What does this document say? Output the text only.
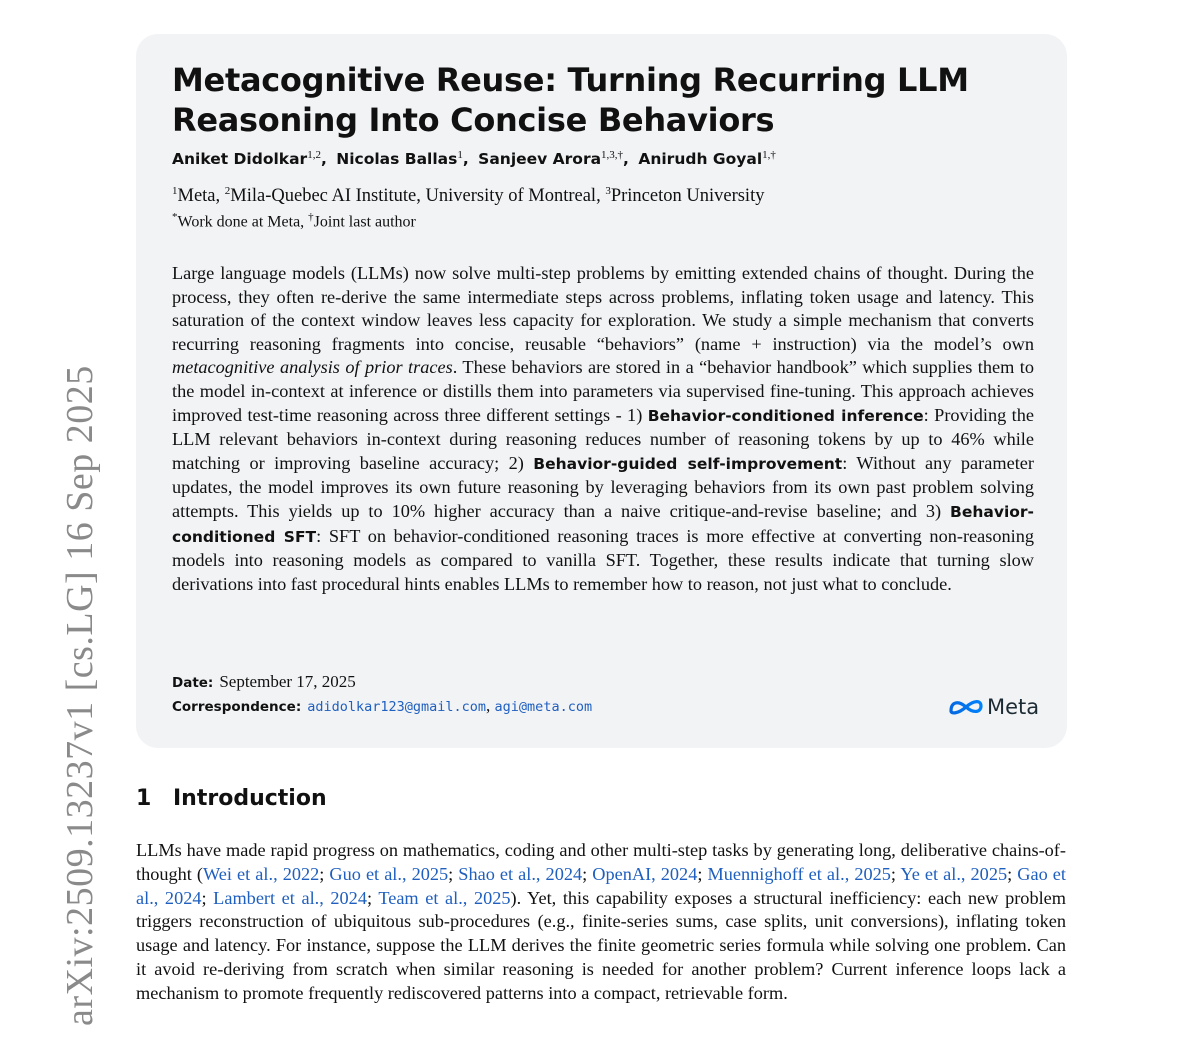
arXiv:2509.13237v1 [cs.LG] 16 Sep 2025
Metacognitive Reuse: Turning Recurring LLM Reasoning Into Concise Behaviors
Aniket Didolkar$^{1,2}$, Nicolas Ballas$^1$, Sanjeev Arora$^{1,3,\dagger}$, Anirudh Goyal$^{1,\dagger}$
$^1$Meta, $^2$Mila-Quebec AI Institute, University of Montreal, $^3$Princeton University
*Work done at Meta, †Joint last author
Large language models (LLMs) now solve multi-step problems by emitting extended chains of thought. During the process, they often re-derive the same intermediate steps across problems, inflating token usage and latency. This saturation of the context window leaves less capacity for exploration. We study a simple mechanism that converts recurring reasoning fragments into concise, reusable “behaviors” (name + instruction) via the model’s own metacognitive analysis of prior traces. These behaviors are stored in a “behavior handbook” which supplies them to the model in-context at inference or distills them into parameters via supervised fine-tuning. This approach achieves improved test-time reasoning across three different settings - 1) Behavior-conditioned inference: Providing the LLM relevant behaviors in-context during reasoning reduces number of reasoning tokens by up to 46% while matching or improving baseline accuracy; 2) Behavior-guided self-improvement: Without any parameter updates, the model improves its own future reasoning by leveraging behaviors from its own past problem solving attempts. This yields up to 10% higher accuracy than a naive critique-and-revise baseline; and 3) Behavior-conditioned SFT: SFT on behavior-conditioned reasoning traces is more effective at converting non-reasoning models into reasoning models as compared to vanilla SFT. Together, these results indicate that turning slow derivations into fast procedural hints enables LLMs to remember how to reason, not just what to conclude.
Date: September 17, 2025
Correspondence: adidolkar123@gmail.com, agi@meta.com	Meta
1 Introduction
LLMs have made rapid progress on mathematics, coding and other multi-step tasks by generating long, deliberative chains-of-thought (Wei et al., 2022; Guo et al., 2025; Shao et al., 2024; OpenAI, 2024; Muennighoff et al., 2025; Ye et al., 2025; Gao et al., 2024; Lambert et al., 2024; Team et al., 2025). Yet, this capability exposes a structural inefficiency: each new problem triggers reconstruction of ubiquitous sub-procedures (e.g., finite-series sums, case splits, unit conversions), inflating token usage and latency. For instance, suppose the LLM derives the finite geometric series formula while solving one problem. Can it avoid re-deriving from scratch when similar reasoning is needed for another problem? Current inference loops lack a mechanism to promote frequently rediscovered patterns into a compact, retrievable form.
